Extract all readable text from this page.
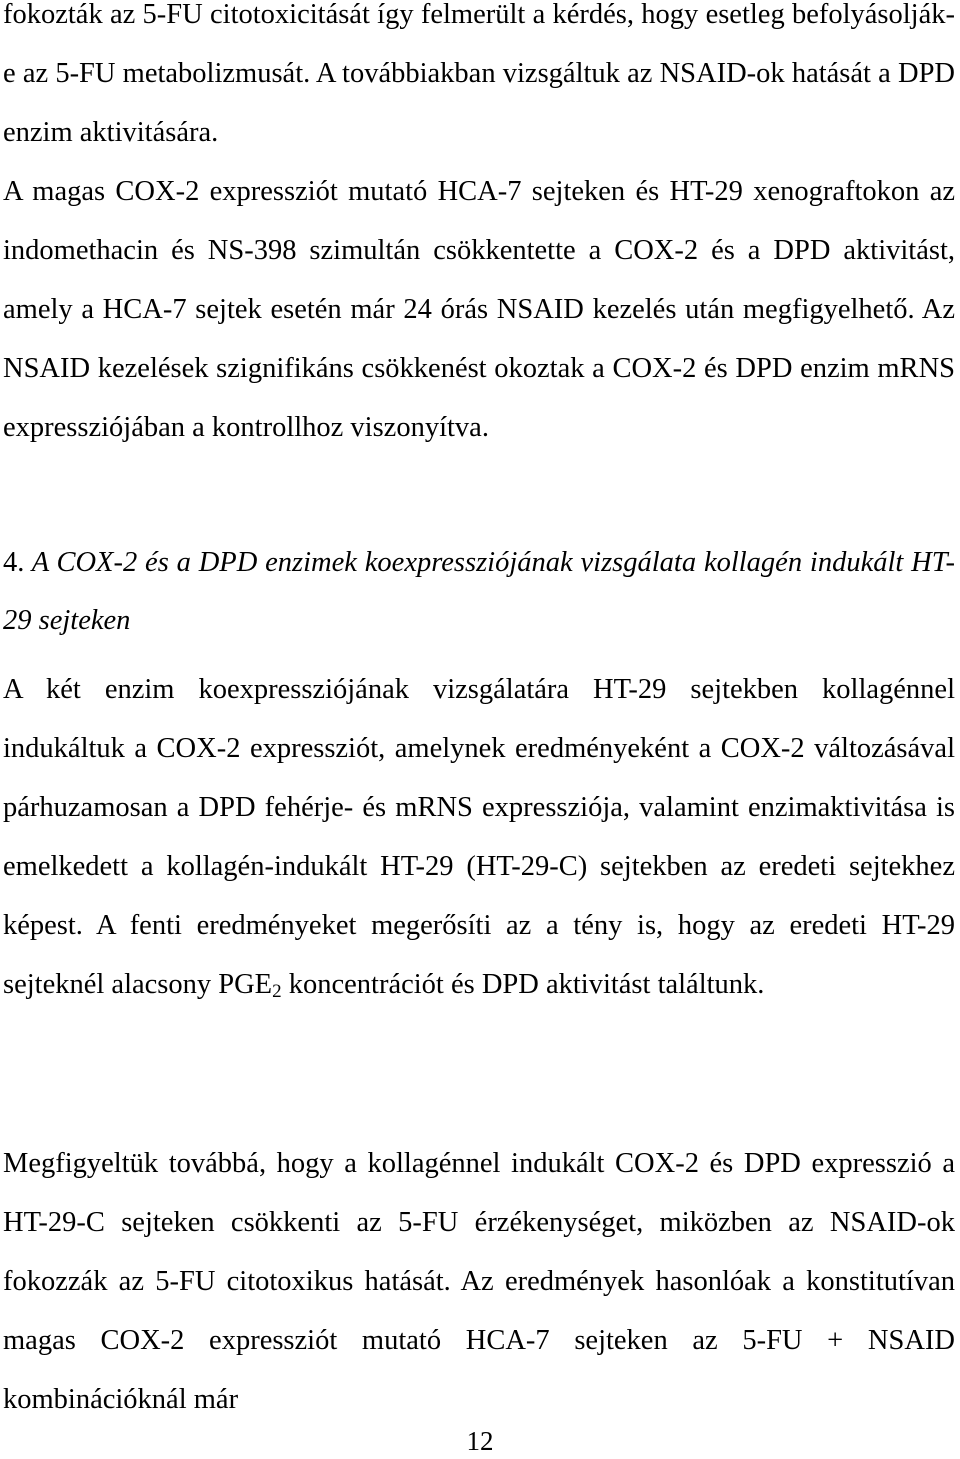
fokozták az 5-FU citotoxicitását így felmerült a kérdés, hogy esetleg befolyásolják-e az 5-FU metabolizmusát. A továbbiakban vizsgáltuk az NSAID-ok hatását a DPD enzim aktivitására.

A magas COX-2 expressziót mutató HCA-7 sejteken és HT-29 xenograftokon az indomethacin és NS-398 szimultán csökkentette a COX-2 és a DPD aktivitást, amely a HCA-7 sejtek esetén már 24 órás NSAID kezelés után megfigyelhető. Az NSAID kezelések szignifikáns csökkenést okoztak a COX-2 és DPD enzim mRNS expressziójában a kontrollhoz viszonyítva.

4. A COX-2 és a DPD enzimek koexpressziójának vizsgálata kollagén indukált HT-29 sejteken

A két enzim koexpressziójának vizsgálatára HT-29 sejtekben kollagénnel indukáltuk a COX-2 expressziót, amelynek eredményeként a COX-2 változásával párhuzamosan a DPD fehérje- és mRNS expressziója, valamint enzimaktivitása is emelkedett a kollagén-indukált HT-29 (HT-29-C) sejtekben az eredeti sejtekhez képest. A fenti eredményeket megerősíti az a tény is, hogy az eredeti HT-29 sejteknél alacsony $PGE_2$ koncentrációt és DPD aktivitást találtunk.

Megfigyeltük továbbá, hogy a kollagénnel indukált COX-2 és DPD expresszió a HT-29-C sejteken csökkenti az 5-FU érzékenységet, miközben az NSAID-ok fokozzák az 5-FU citotoxikus hatását. Az eredmények hasonlóak a konstitutívan magas COX-2 expressziót mutató HCA-7 sejteken az 5-FU + NSAID kombinációknál már

12
